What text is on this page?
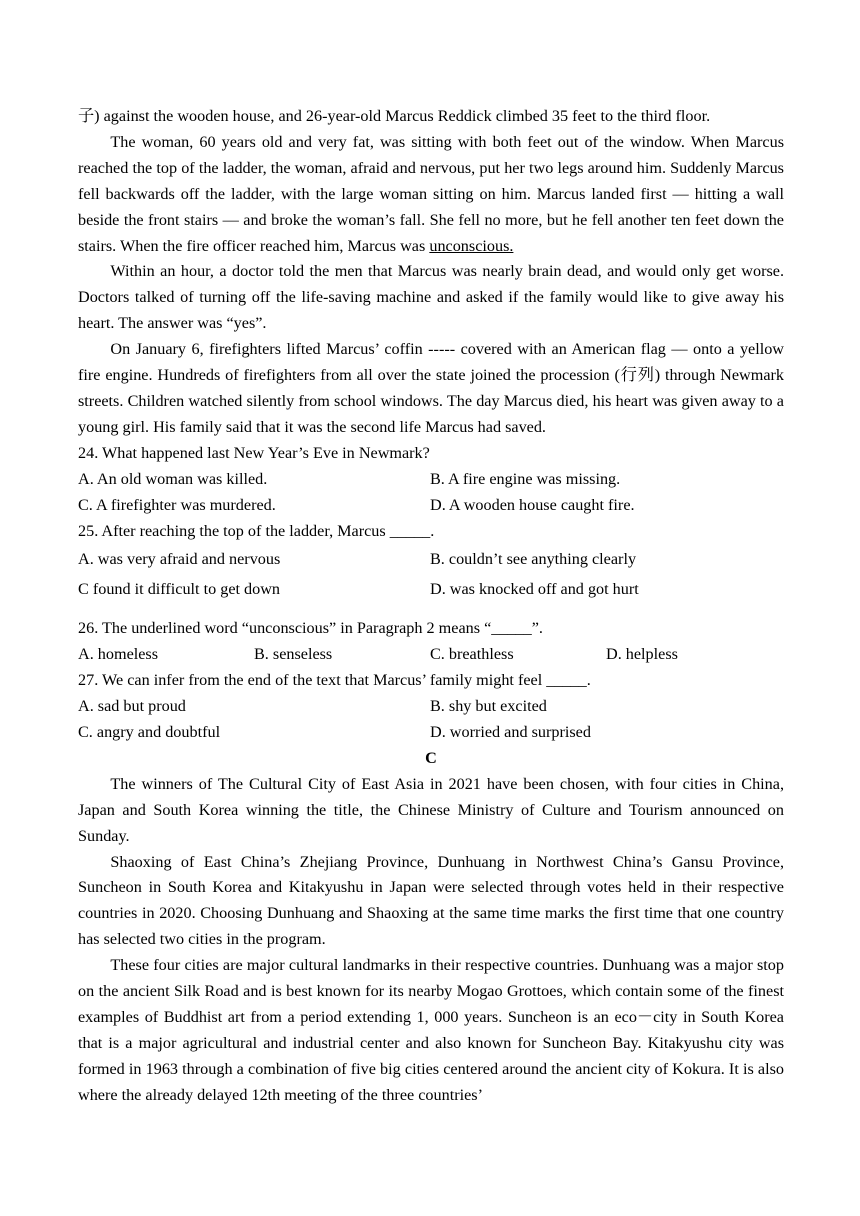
子) against the wooden house, and 26-year-old Marcus Reddick climbed 35 feet to the third floor.

The woman, 60 years old and very fat, was sitting with both feet out of the window. When Marcus reached the top of the ladder, the woman, afraid and nervous, put her two legs around him. Suddenly Marcus fell backwards off the ladder, with the large woman sitting on him. Marcus landed first — hitting a wall beside the front stairs — and broke the woman’s fall. She fell no more, but he fell another ten feet down the stairs. When the fire officer reached him, Marcus was unconscious.

Within an hour, a doctor told the men that Marcus was nearly brain dead, and would only get worse. Doctors talked of turning off the life-saving machine and asked if the family would like to give away his heart. The answer was “yes”.

On January 6, firefighters lifted Marcus’ coffin ----- covered with an American flag — onto a yellow fire engine. Hundreds of firefighters from all over the state joined the procession (行列) through Newmark streets. Children watched silently from school windows. The day Marcus died, his heart was given away to a young girl. His family said that it was the second life Marcus had saved.

24. What happened last New Year’s Eve in Newmark?

A. An old woman was killed.	B. A fire engine was missing.
C. A firefighter was murdered.	D. A wooden house caught fire.

25. After reaching the top of the ladder, Marcus _____.

A. was very afraid and nervous	B. couldn’t see anything clearly
C found it difficult to get down	D. was knocked off and got hurt

26. The underlined word “unconscious” in Paragraph 2 means “_____”.

A. homeless	B. senseless	C. breathless	D. helpless

27. We can infer from the end of the text that Marcus’ family might feel _____.

A. sad but proud	B. shy but excited
C. angry and doubtful	D. worried and surprised

C

The winners of The Cultural City of East Asia in 2021 have been chosen, with four cities in China, Japan and South Korea winning the title, the Chinese Ministry of Culture and Tourism announced on Sunday.

Shaoxing of East China’s Zhejiang Province, Dunhuang in Northwest China’s Gansu Province, Suncheon in South Korea and Kitakyushu in Japan were selected through votes held in their respective countries in 2020. Choosing Dunhuang and Shaoxing at the same time marks the first time that one country has selected two cities in the program.

These four cities are major cultural landmarks in their respective countries. Dunhuang was a major stop on the ancient Silk Road and is best known for its nearby Mogao Grottoes, which contain some of the finest examples of Buddhist art from a period extending 1, 000 years. Suncheon is an eco－city in South Korea that is a major agricultural and industrial center and also known for Suncheon Bay. Kitakyushu city was formed in 1963 through a combination of five big cities centered around the ancient city of Kokura. It is also where the already delayed 12th meeting of the three countries’
